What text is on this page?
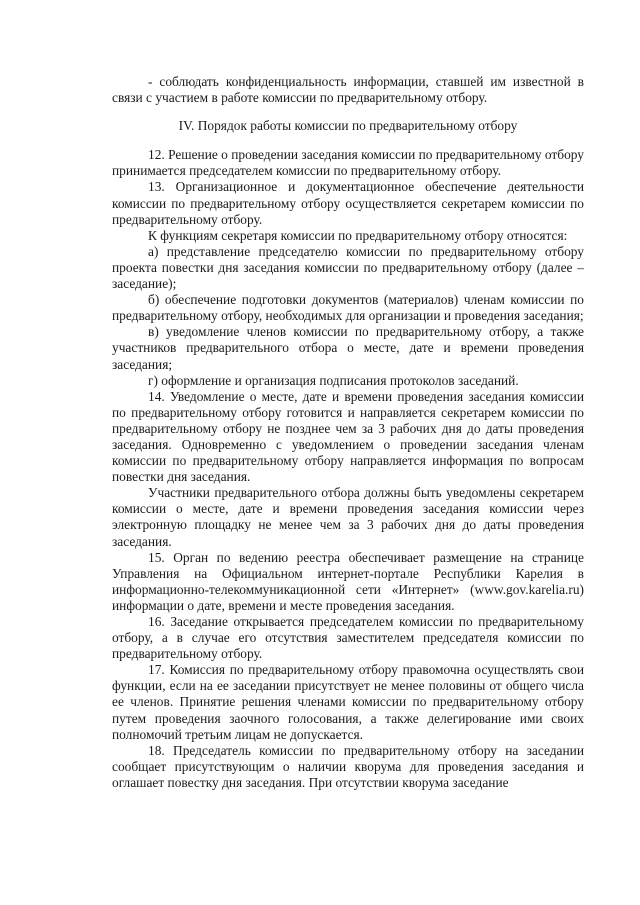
- соблюдать конфиденциальность информации, ставшей им известной в связи с участием в работе комиссии по предварительному отбору.

IV. Порядок работы комиссии по предварительному отбору

12. Решение о проведении заседания комиссии по предварительному отбору принимается председателем комиссии по предварительному отбору.

13. Организационное и документационное обеспечение деятельности комиссии по предварительному отбору осуществляется секретарем комиссии по предварительному отбору.

К функциям секретаря комиссии по предварительному отбору относятся:

а) представление председателю комиссии по предварительному отбору проекта повестки дня заседания комиссии по предварительному отбору (далее – заседание);

б) обеспечение подготовки документов (материалов) членам комиссии по предварительному отбору, необходимых для организации и проведения заседания;

в) уведомление членов комиссии по предварительному отбору, а также участников предварительного отбора о месте, дате и времени проведения заседания;

г) оформление и организация подписания протоколов заседаний.

14. Уведомление о месте, дате и времени проведения заседания комиссии по предварительному отбору готовится и направляется секретарем комиссии по предварительному отбору не позднее чем за 3 рабочих дня до даты проведения заседания. Одновременно с уведомлением о проведении заседания членам комиссии по предварительному отбору направляется информация по вопросам повестки дня заседания.

Участники предварительного отбора должны быть уведомлены секретарем комиссии о месте, дате и времени проведения заседания комиссии через электронную площадку не менее чем за 3 рабочих дня до даты проведения заседания.

15. Орган по ведению реестра обеспечивает размещение на странице Управления на Официальном интернет-портале Республики Карелия в информационно-телекоммуникационной сети «Интернет» (www.gov.karelia.ru) информации о дате, времени и месте проведения заседания.

16. Заседание открывается председателем комиссии по предварительному отбору, а в случае его отсутствия заместителем председателя комиссии по предварительному отбору.

17. Комиссия по предварительному отбору правомочна осуществлять свои функции, если на ее заседании присутствует не менее половины от общего числа ее членов. Принятие решения членами комиссии по предварительному отбору путем проведения заочного голосования, а также делегирование ими своих полномочий третьим лицам не допускается.

18. Председатель комиссии по предварительному отбору на заседании сообщает присутствующим о наличии кворума для проведения заседания и оглашает повестку дня заседания. При отсутствии кворума заседание
